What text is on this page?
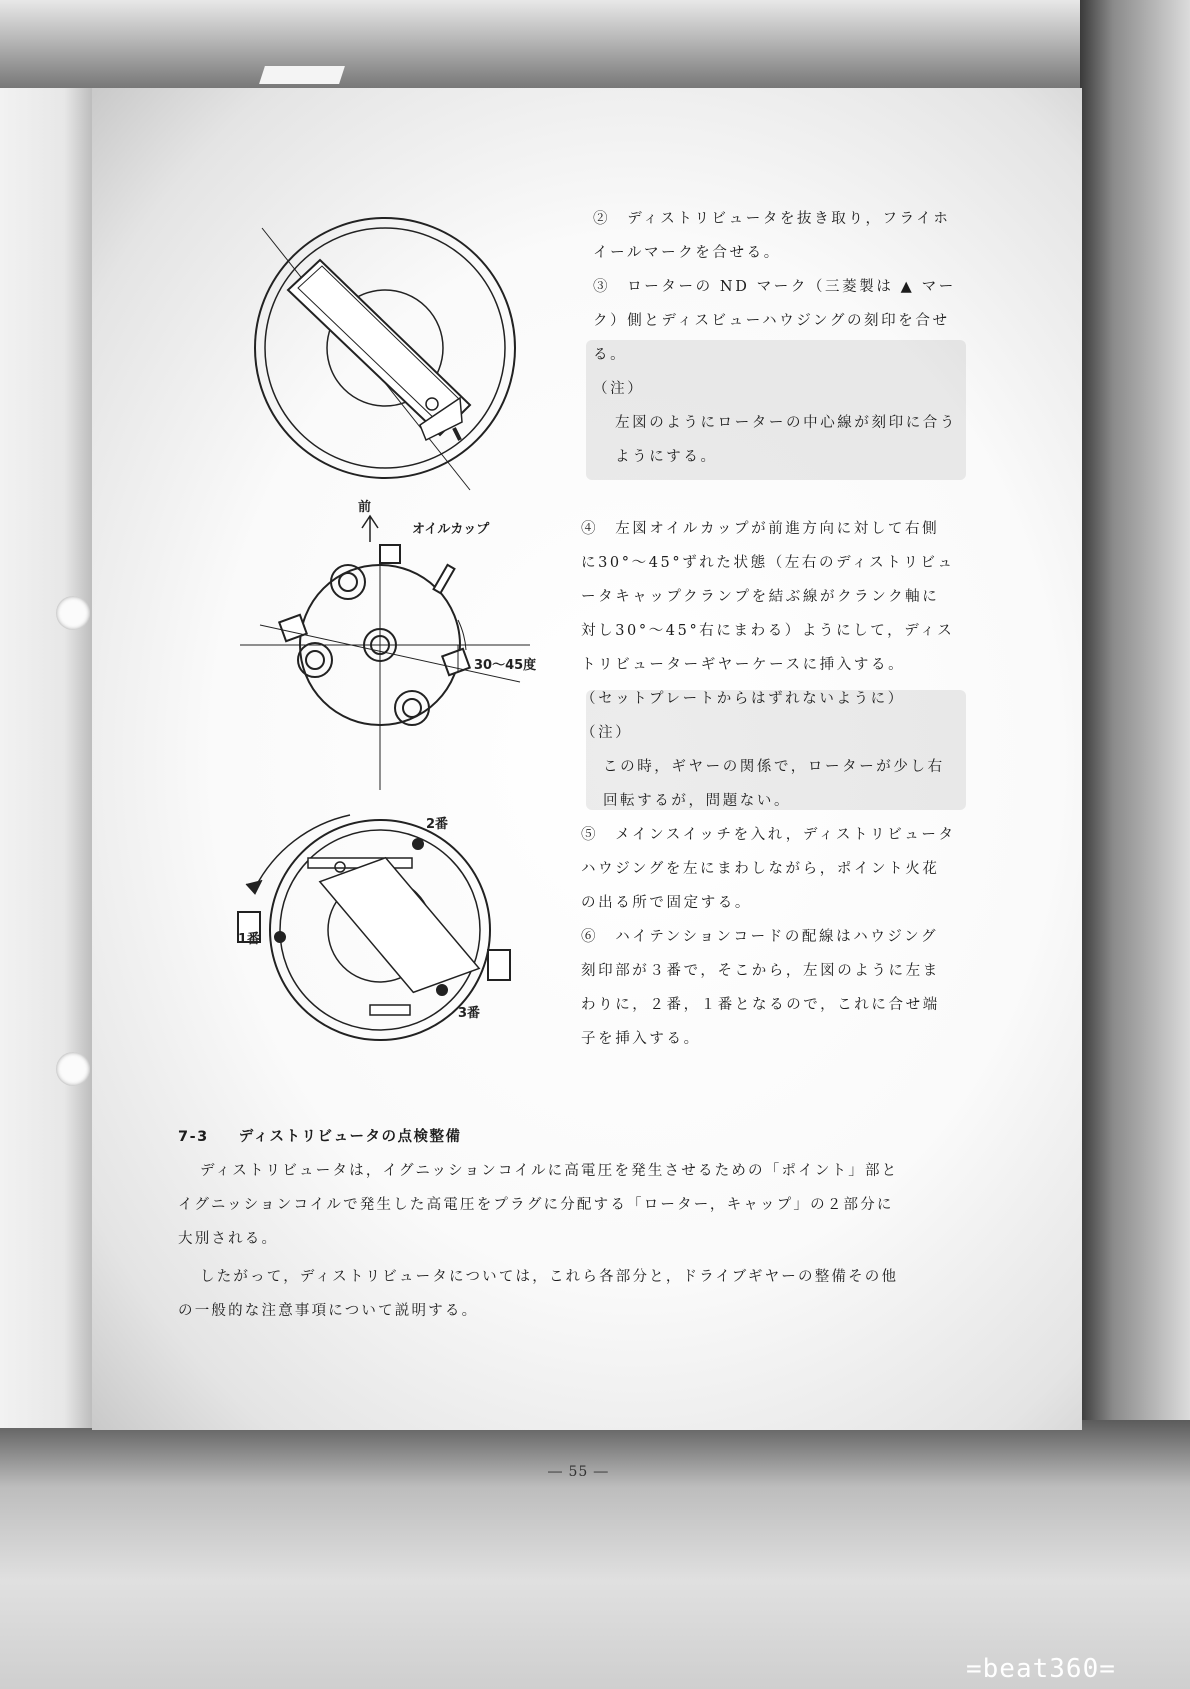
前
オイルカップ
30～45度
2番
1番
3番
②　ディストリビュータを抜き取り，フライホ
イールマークを合せる。
③　ローターの ND マーク（三菱製は ▲ マー
ク）側とディスビューハウジングの刻印を合せ
る。
（注）
左図のようにローターの中心線が刻印に合う
ようにする。
④　左図オイルカップが前進方向に対して右側
に30°～45°ずれた状態（左右のディストリビュ
ータキャップクランプを結ぶ線がクランク軸に
対し30°～45°右にまわる）ようにして，ディス
トリビューターギヤーケースに挿入する。
（セットプレートからはずれないように）
（注）
この時，ギヤーの関係で，ローターが少し右
回転するが，問題ない。
⑤　メインスイッチを入れ，ディストリビュータ
ハウジングを左にまわしながら，ポイント火花
の出る所で固定する。
⑥　ハイテンションコードの配線はハウジング
刻印部が３番で，そこから，左図のように左ま
わりに，２番，１番となるので，これに合せ端
子を挿入する。
7-3 ディストリビュータの点検整備
ディストリビュータは，イグニッションコイルに高電圧を発生させるための「ポイント」部と
イグニッションコイルで発生した高電圧をプラグに分配する「ローター，キャップ」の２部分に
大別される。
したがって，ディストリビュータについては，これら各部分と，ドライブギヤーの整備その他
の一般的な注意事項について説明する。
― 55 ―
=beat360=
